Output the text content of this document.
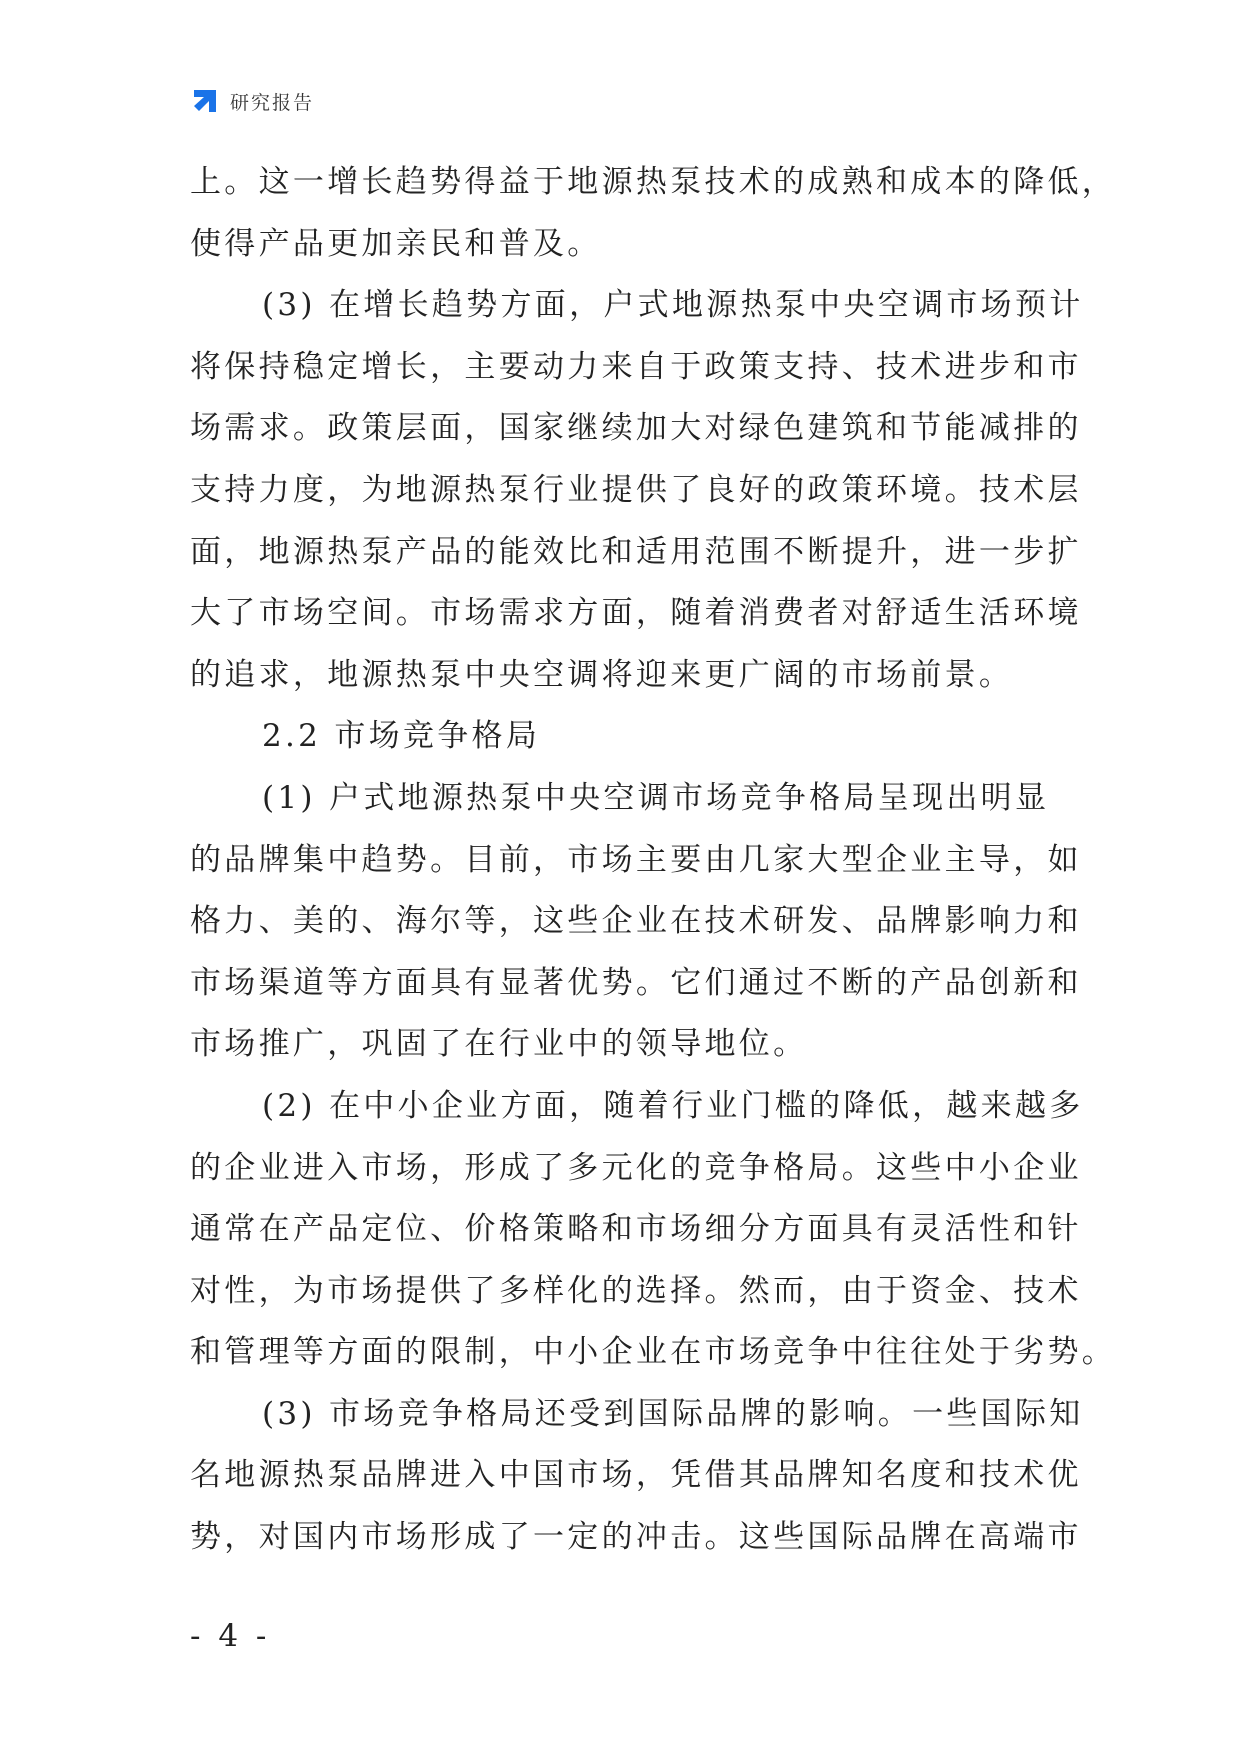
研究报告
上。这一增长趋势得益于地源热泵技术的成熟和成本的降低，
使得产品更加亲民和普及。
(3) 在增长趋势方面，户式地源热泵中央空调市场预计
将保持稳定增长，主要动力来自于政策支持、技术进步和市
场需求。政策层面，国家继续加大对绿色建筑和节能减排的
支持力度，为地源热泵行业提供了良好的政策环境。技术层
面，地源热泵产品的能效比和适用范围不断提升，进一步扩
大了市场空间。市场需求方面，随着消费者对舒适生活环境
的追求，地源热泵中央空调将迎来更广阔的市场前景。
2.2 市场竞争格局
(1) 户式地源热泵中央空调市场竞争格局呈现出明显
的品牌集中趋势。目前，市场主要由几家大型企业主导，如
格力、美的、海尔等，这些企业在技术研发、品牌影响力和
市场渠道等方面具有显著优势。它们通过不断的产品创新和
市场推广，巩固了在行业中的领导地位。
(2) 在中小企业方面，随着行业门槛的降低，越来越多
的企业进入市场，形成了多元化的竞争格局。这些中小企业
通常在产品定位、价格策略和市场细分方面具有灵活性和针
对性，为市场提供了多样化的选择。然而，由于资金、技术
和管理等方面的限制，中小企业在市场竞争中往往处于劣势。
(3) 市场竞争格局还受到国际品牌的影响。一些国际知
名地源热泵品牌进入中国市场，凭借其品牌知名度和技术优
势，对国内市场形成了一定的冲击。这些国际品牌在高端市
- 4 -
